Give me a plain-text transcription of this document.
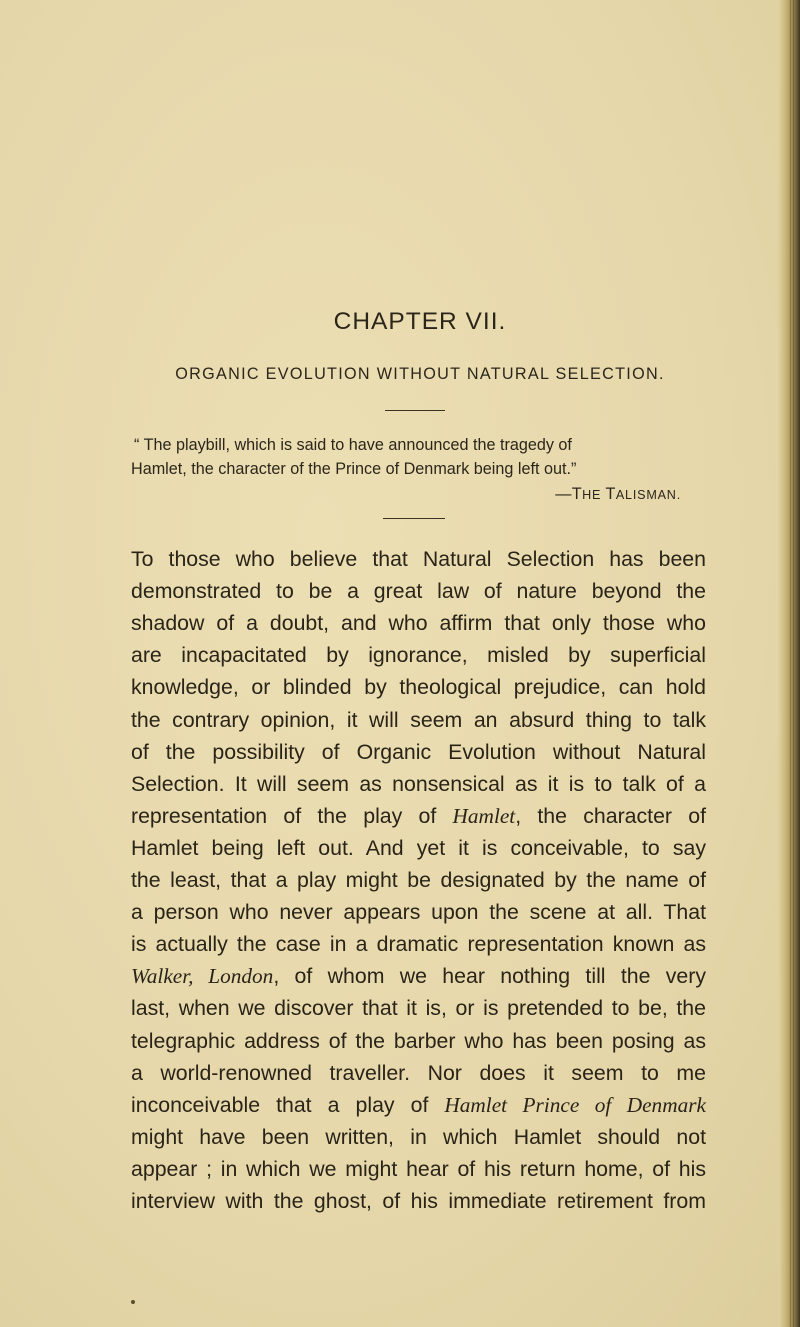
CHAPTER VII.
ORGANIC EVOLUTION WITHOUT NATURAL SELECTION.
“ The playbill, which is said to have announced the tragedy of
Hamlet, the character of the Prince of Denmark being left out.”
—THE TALISMAN.
To those who believe that Natural Selection has been
demonstrated to be a great law of nature beyond the
shadow of a doubt, and who affirm that only those who
are incapacitated by ignorance, misled by superficial
knowledge, or blinded by theological prejudice, can hold
the contrary opinion, it will seem an absurd thing to talk
of the possibility of Organic Evolution without Natural
Selection. It will seem as nonsensical as it is to talk of a
representation of the play of Hamlet, the character of
Hamlet being left out. And yet it is conceivable, to say
the least, that a play might be designated by the name of
a person who never appears upon the scene at all. That
is actually the case in a dramatic representation known as
Walker, London, of whom we hear nothing till the very
last, when we discover that it is, or is pretended to be, the
telegraphic address of the barber who has been posing as
a world-renowned traveller. Nor does it seem to me
inconceivable that a play of Hamlet Prince of Denmark
might have been written, in which Hamlet should not
appear ; in which we might hear of his return home, of his
interview with the ghost, of his immediate retirement from
